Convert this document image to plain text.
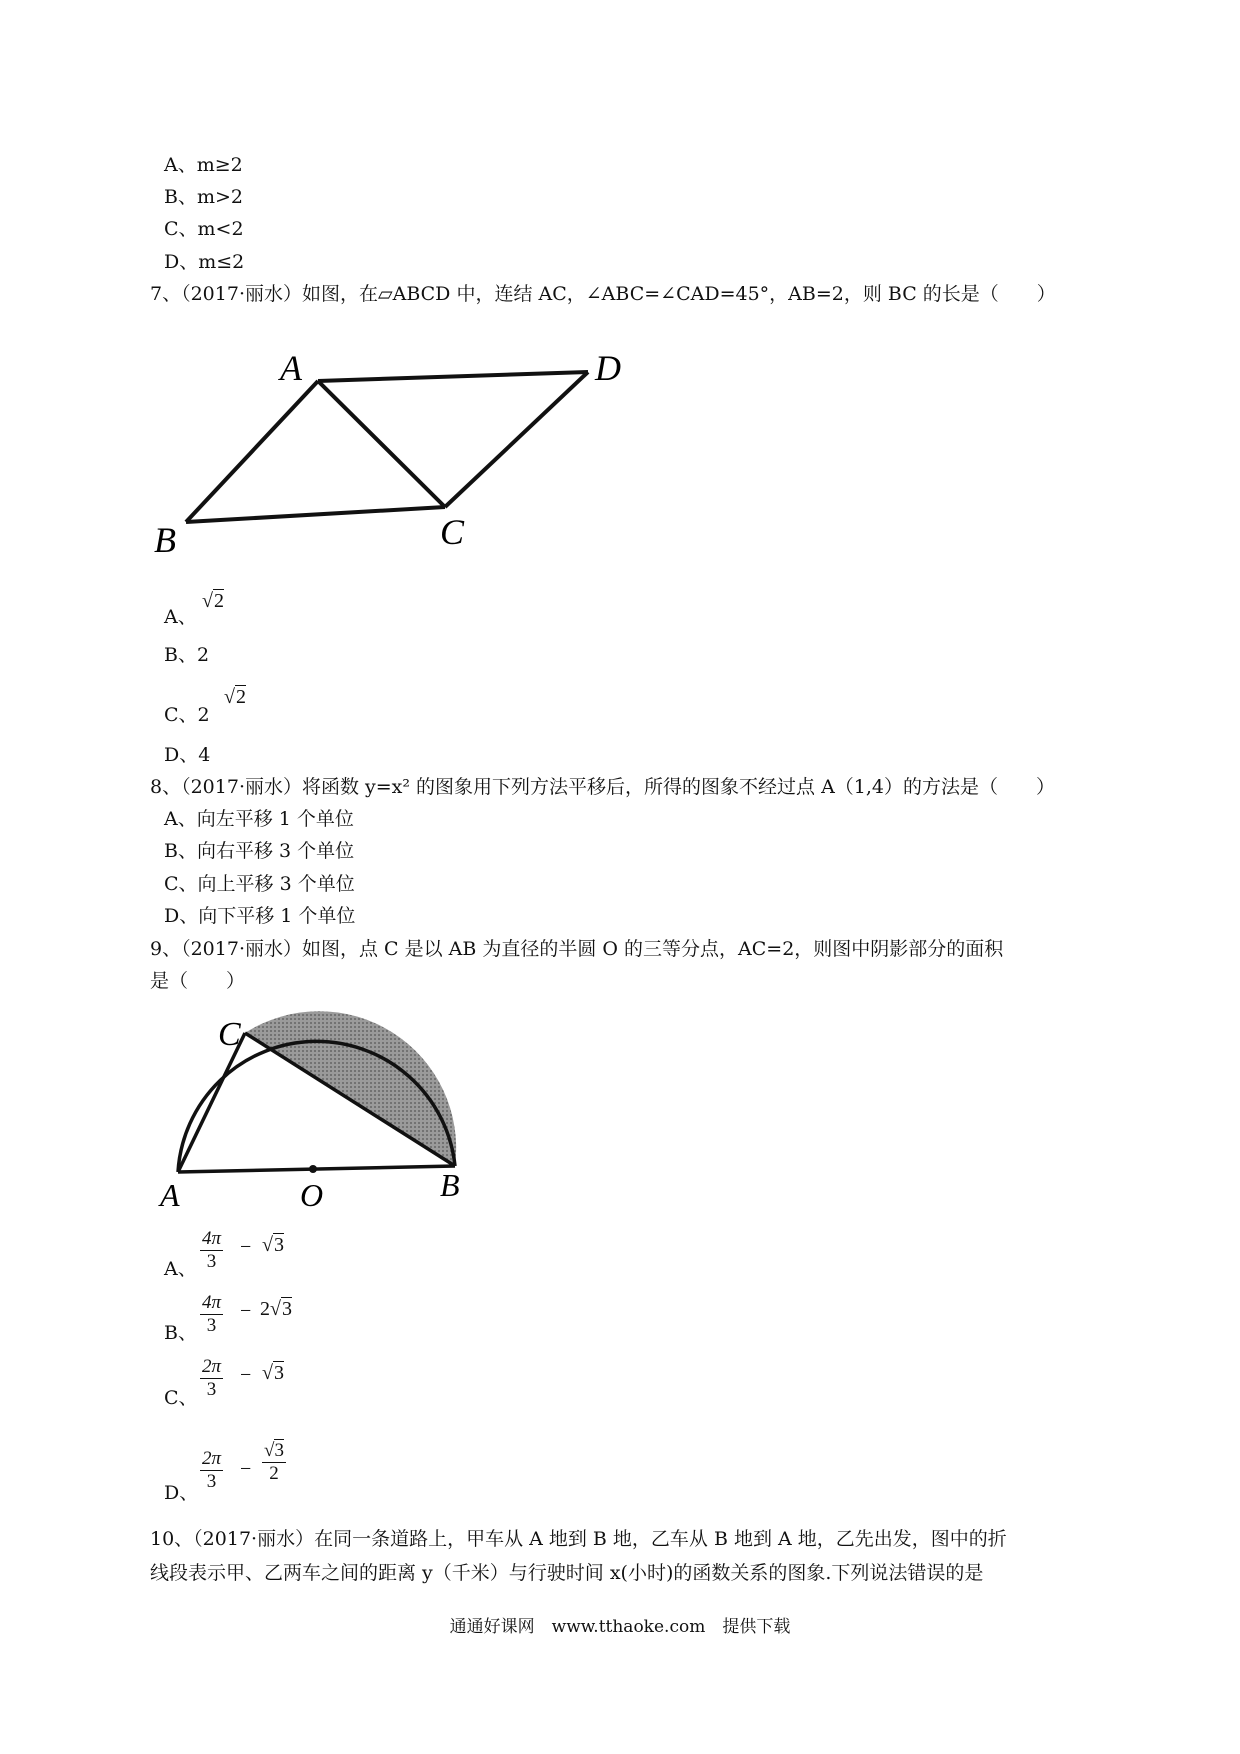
A、m≥2
B、m>2
C、m<2
D、m≤2
7、（2017·丽水）如图，在▱ABCD 中，连结 AC，∠ABC=∠CAD=45°，AB=2，则 BC 的长是（　　）
A	D
B	C
A、
√2
B、2
C、2
√2
D、4
8、（2017·丽水）将函数 y=x² 的图象用下列方法平移后，所得的图象不经过点 A（1,4）的方法是（　　）
A、向左平移 1 个单位
B、向右平移 3 个单位
C、向上平移 3 个单位
D、向下平移 1 个单位
9、（2017·丽水）如图，点 C 是以 AB 为直径的半圆 O 的三等分点，AC=2，则图中阴影部分的面积
是（　　）
C
A	O	B
A、 $\frac{4\pi}{3} - √3$
B、 $\frac{4\pi}{3} - 2√3$
C、 $\frac{2\pi}{3} - √3$
D、 $\frac{2\pi}{3} - \frac{√3}{2}$
10、（2017·丽水）在同一条道路上，甲车从 A 地到 B 地，乙车从 B 地到 A 地，乙先出发，图中的折
线段表示甲、乙两车之间的距离 y（千米）与行驶时间 x(小时)的函数关系的图象.下列说法错误的是
通通好课网　www.tthaoke.com　提供下载
